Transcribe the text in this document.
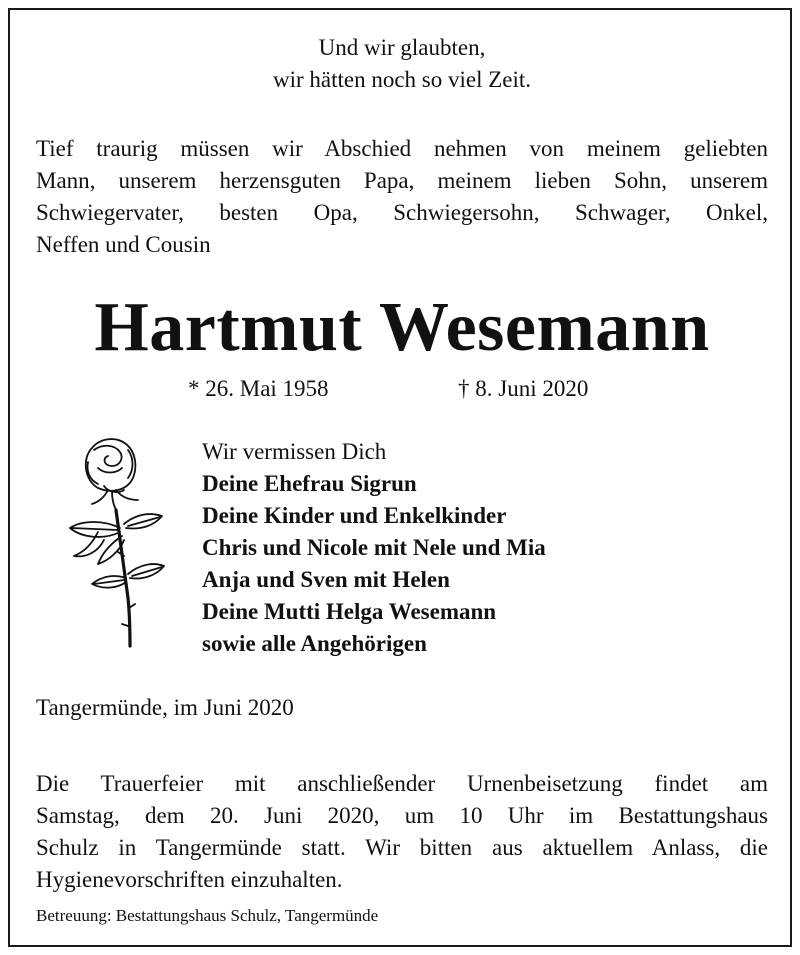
Und wir glaubten,
wir hätten noch so viel Zeit.
Tief traurig müssen wir Abschied nehmen von meinem geliebten
Mann, unserem herzensguten Papa, meinem lieben Sohn, unserem
Schwiegervater, besten Opa, Schwiegersohn, Schwager, Onkel,
Neffen und Cousin
Hartmut Wesemann
* 26. Mai 1958	† 8. Juni 2020
Wir vermissen Dich
Deine Ehefrau Sigrun
Deine Kinder und Enkelkinder
Chris und Nicole mit Nele und Mia
Anja und Sven mit Helen
Deine Mutti Helga Wesemann
sowie alle Angehörigen
Tangermünde, im Juni 2020
Die Trauerfeier mit anschließender Urnenbeisetzung findet am
Samstag, dem 20. Juni 2020, um 10 Uhr im Bestattungshaus
Schulz in Tangermünde statt. Wir bitten aus aktuellem Anlass, die
Hygienevorschriften einzuhalten.
Betreuung: Bestattungshaus Schulz, Tangermünde
